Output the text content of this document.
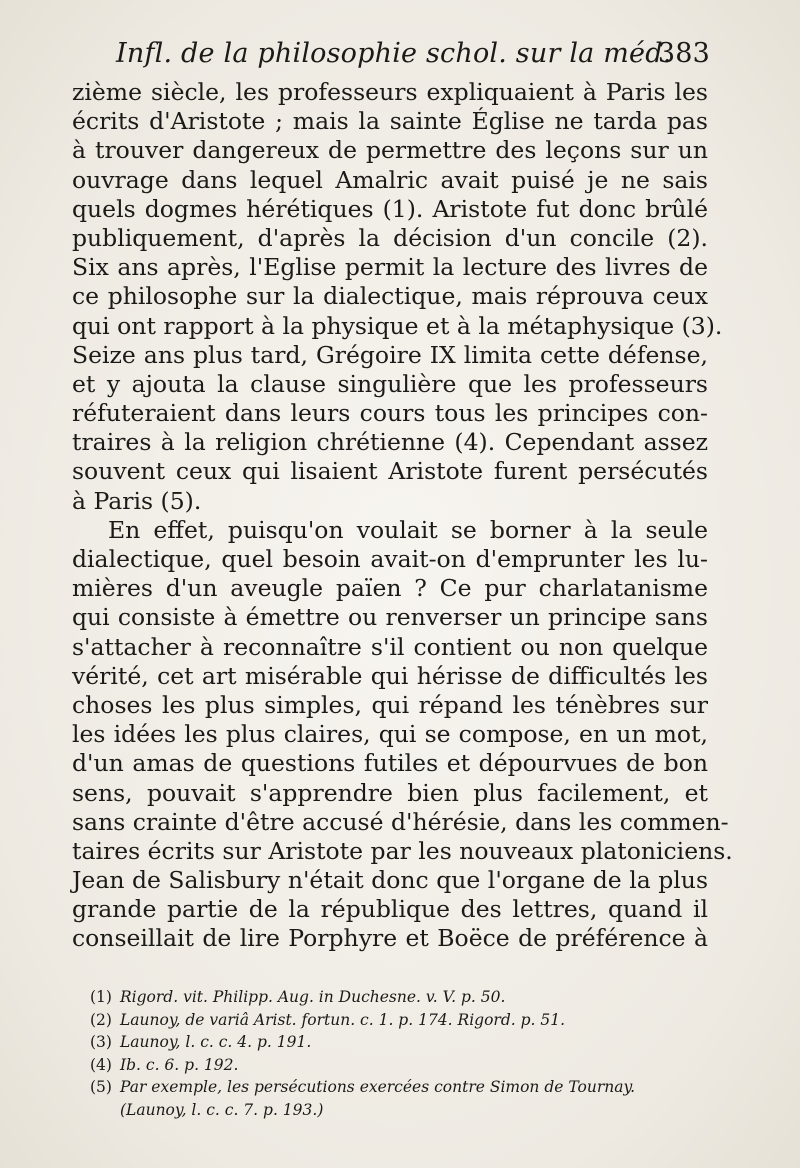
Infl. de la philosophie schol. sur la méd.
383
zième siècle, les professeurs expliquaient à Paris les
écrits d'Aristote ; mais la sainte Église ne tarda pas
à trouver dangereux de permettre des leçons sur un
ouvrage dans lequel Amalric avait puisé je ne sais
quels dogmes hérétiques (1). Aristote fut donc brûlé
publiquement, d'après la décision d'un concile (2).
Six ans après, l'Eglise permit la lecture des livres de
ce philosophe sur la dialectique, mais réprouva ceux
qui ont rapport à la physique et à la métaphysique (3).
Seize ans plus tard, Grégoire IX limita cette défense,
et y ajouta la clause singulière que les professeurs
réfuteraient dans leurs cours tous les principes con-
traires à la religion chrétienne (4). Cependant assez
souvent ceux qui lisaient Aristote furent persécutés
à Paris (5).
En effet, puisqu'on voulait se borner à la seule
dialectique, quel besoin avait-on d'emprunter les lu-
mières d'un aveugle païen ? Ce pur charlatanisme
qui consiste à émettre ou renverser un principe sans
s'attacher à reconnaître s'il contient ou non quelque
vérité, cet art misérable qui hérisse de difficultés les
choses les plus simples, qui répand les ténèbres sur
les idées les plus claires, qui se compose, en un mot,
d'un amas de questions futiles et dépourvues de bon
sens, pouvait s'apprendre bien plus facilement, et
sans crainte d'être accusé d'hérésie, dans les commen-
taires écrits sur Aristote par les nouveaux platoniciens.
Jean de Salisbury n'était donc que l'organe de la plus
grande partie de la république des lettres, quand il
conseillait de lire Porphyre et Boëce de préférence à
(1) Rigord. vit. Philipp. Aug. in Duchesne. v. V. p. 50.
(2) Launoy, de variâ Arist. fortun. c. 1. p. 174. Rigord. p. 51.
(3) Launoy, l. c. c. 4. p. 191.
(4) Ib. c. 6. p. 192.
(5) Par exemple, les persécutions exercées contre Simon de Tournay.
(Launoy, l. c. c. 7. p. 193.)
